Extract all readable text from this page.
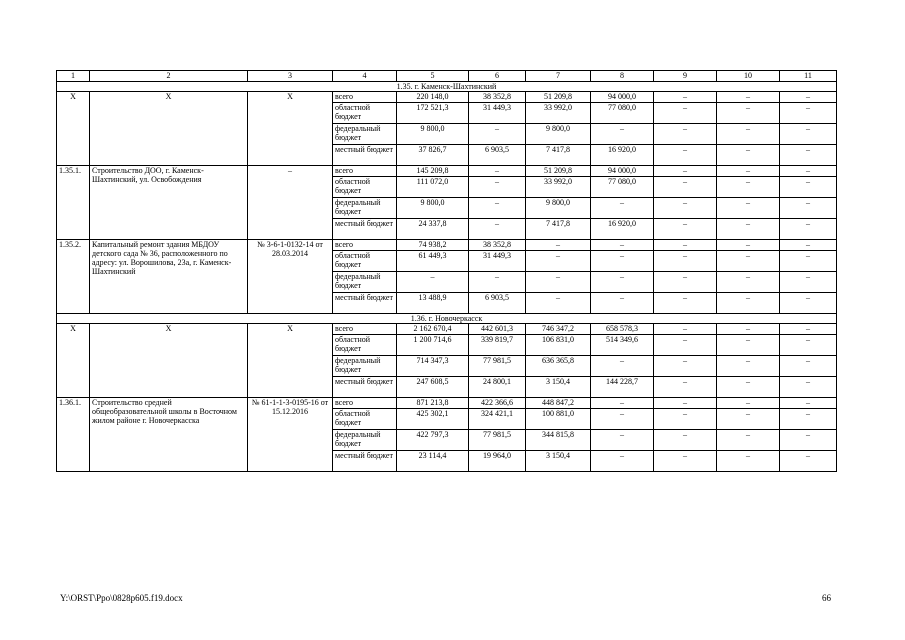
1	2	3	4	5	6	7	8	9	10	11
1.35. г. Каменск-Шахтинский										
Х	Х	Х	всего	220 148,0	38 352,8	51 209,8	94 000,0	–	–	–
			областной бюджет	172 521,3	31 449,3	33 992,0	77 080,0	–	–	–
			федеральный бюджет	9 800,0	–	9 800,0	–	–	–	–
			местный бюджет	37 826,7	6 903,5	7 417,8	16 920,0	–	–	–
1.35.1.	Строительство ДОО, г. Каменск-Шахтинский, ул. Освобождения	–	всего	145 209,8	–	51 209,8	94 000,0	–	–	–
			областной бюджет	111 072,0	–	33 992,0	77 080,0	–	–	–
			федеральный бюджет	9 800,0	–	9 800,0	–	–	–	–
			местный бюджет	24 337,8	–	7 417,8	16 920,0	–	–	–
1.35.2.	Капитальный ремонт здания МБДОУ детского сада № 36, расположенного по адресу: ул. Ворошилова, 23а, г. Каменск-Шахтинский	№ 3-6-1-0132-14 от 28.03.2014	всего	74 938,2	38 352,8	–	–	–	–	–
			областной бюджет	61 449,3	31 449,3	–	–	–	–	–
			федеральный бюджет	–	–	–	–	–	–	–
			местный бюджет	13 488,9	6 903,5	–	–	–	–	–
1.36. г. Новочеркасск										
Х	Х	Х	всего	2 162 670,4	442 601,3	746 347,2	658 578,3	–	–	–
			областной бюджет	1 200 714,6	339 819,7	106 831,0	514 349,6	–	–	–
			федеральный бюджет	714 347,3	77 981,5	636 365,8	–	–	–	–
			местный бюджет	247 608,5	24 800,1	3 150,4	144 228,7	–	–	–
1.36.1.	Строительство средней общеобразовательной школы в Восточном жилом районе г. Новочеркасска	№ 61-1-1-3-0195-16 от 15.12.2016	всего	871 213,8	422 366,6	448 847,2	–	–	–	–
			областной бюджет	425 302,1	324 421,1	100 881,0	–	–	–	–
			федеральный бюджет	422 797,3	77 981,5	344 815,8	–	–	–	–
			местный бюджет	23 114,4	19 964,0	3 150,4	–	–	–	–
Y:\ORST\Ppo\0828p605.f19.docx	66
